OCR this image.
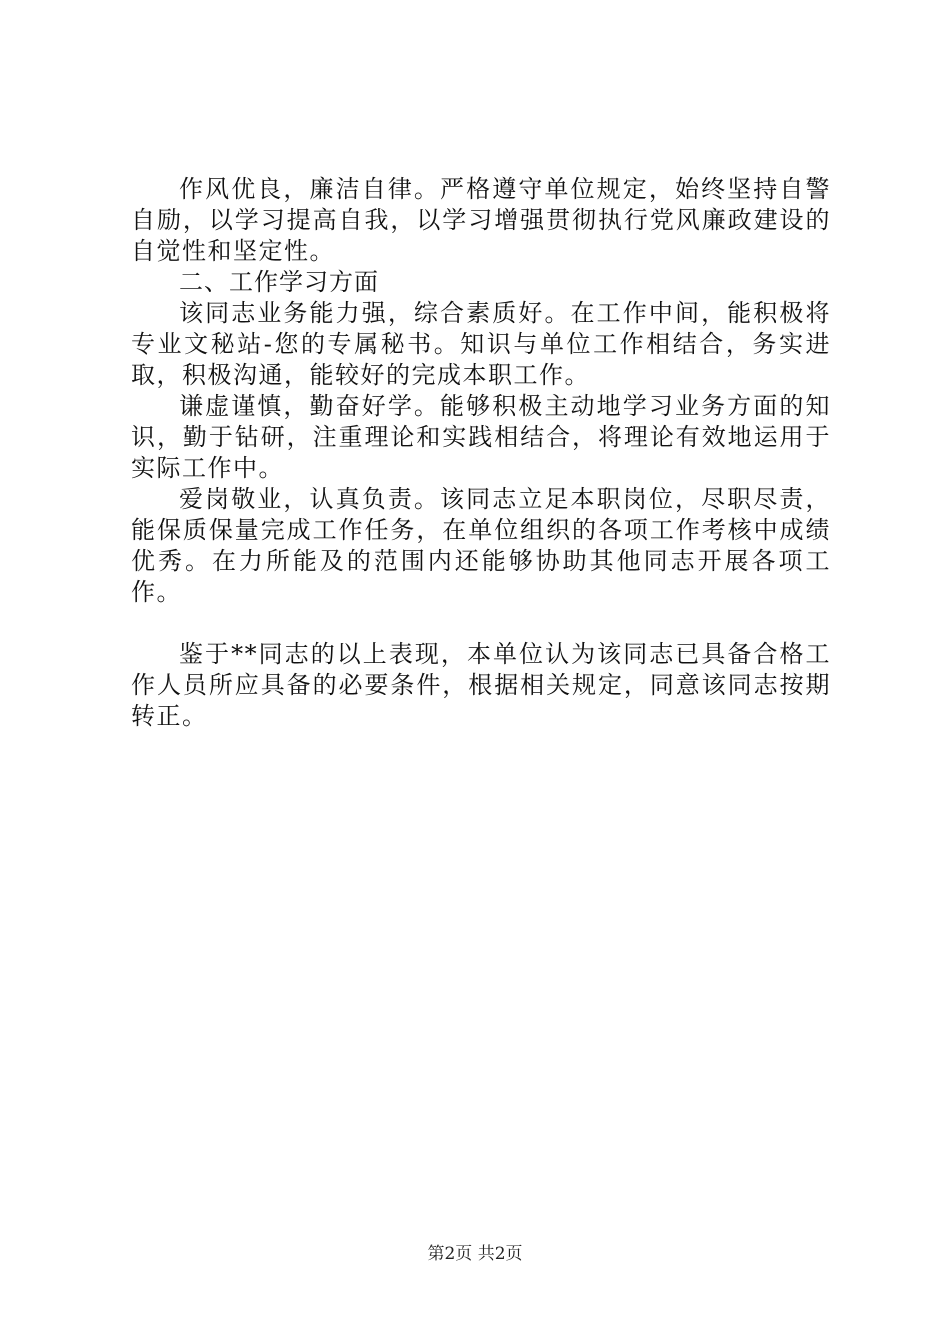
作风优良，廉洁自律。严格遵守单位规定，始终坚持自警自励，以学习提高自我，以学习增强贯彻执行党风廉政建设的自觉性和坚定性。

二、工作学习方面

该同志业务能力强，综合素质好。在工作中间，能积极将专业文秘站-您的专属秘书。知识与单位工作相结合，务实进取，积极沟通，能较好的完成本职工作。

谦虚谨慎，勤奋好学。能够积极主动地学习业务方面的知识，勤于钻研，注重理论和实践相结合，将理论有效地运用于实际工作中。

爱岗敬业，认真负责。该同志立足本职岗位，尽职尽责，能保质保量完成工作任务，在单位组织的各项工作考核中成绩优秀。在力所能及的范围内还能够协助其他同志开展各项工作。

鉴于**同志的以上表现，本单位认为该同志已具备合格工作人员所应具备的必要条件，根据相关规定，同意该同志按期转正。

第2页 共2页
